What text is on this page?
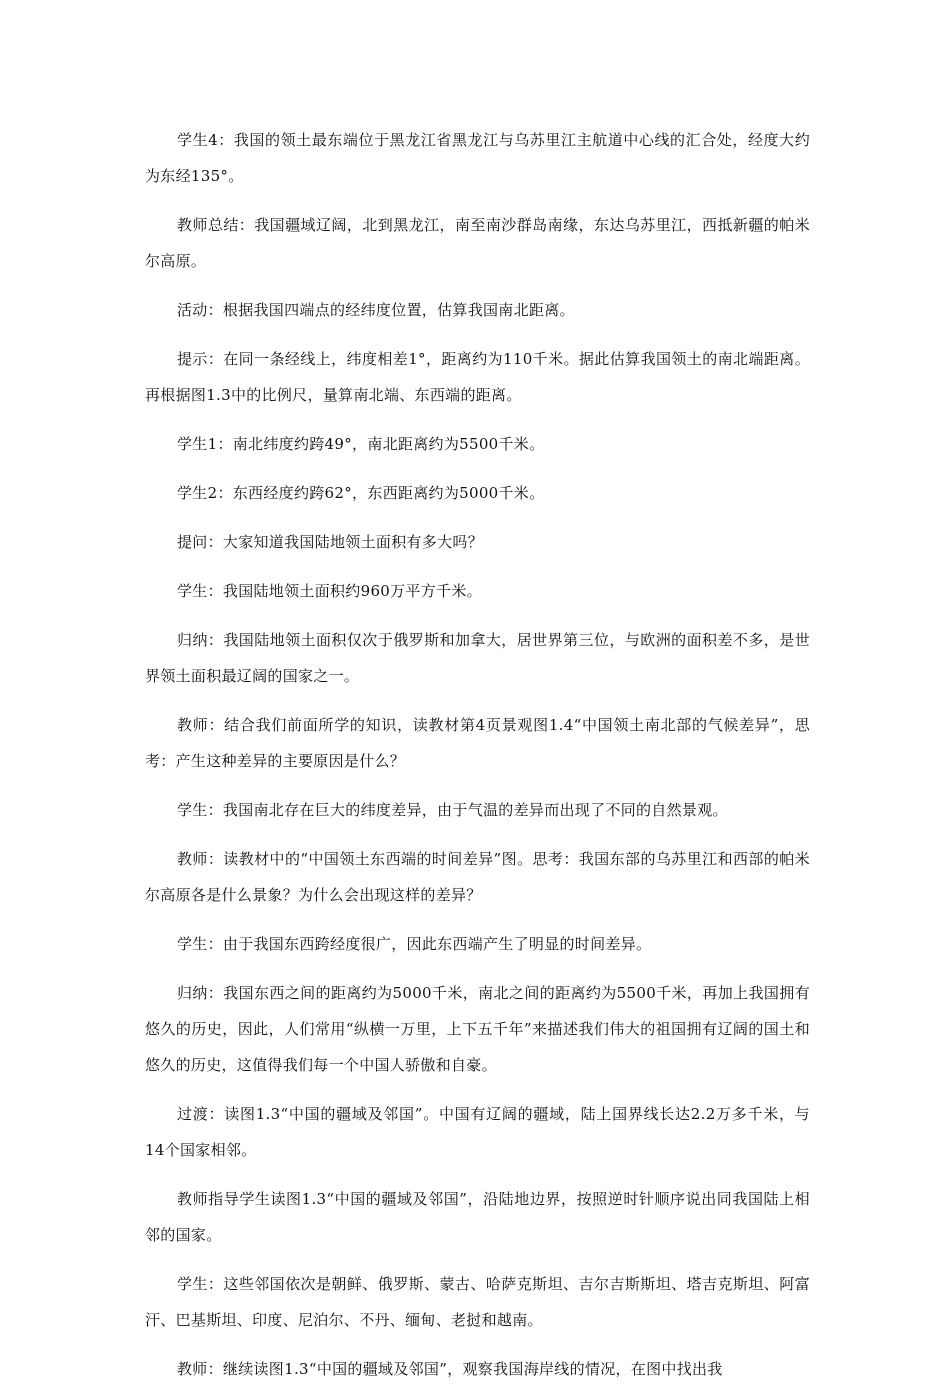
学生4：我国的领土最东端位于黑龙江省黑龙江与乌苏里江主航道中心线的汇合处，经度大约为东经135°。

教师总结：我国疆域辽阔，北到黑龙江，南至南沙群岛南缘，东达乌苏里江，西抵新疆的帕米尔高原。

活动：根据我国四端点的经纬度位置，估算我国南北距离。

提示：在同一条经线上，纬度相差1°，距离约为110千米。据此估算我国领土的南北端距离。再根据图1.3中的比例尺，量算南北端、东西端的距离。

学生1：南北纬度约跨49°，南北距离约为5500千米。

学生2：东西经度约跨62°，东西距离约为5000千米。

提问：大家知道我国陆地领土面积有多大吗？

学生：我国陆地领土面积约960万平方千米。

归纳：我国陆地领土面积仅次于俄罗斯和加拿大，居世界第三位，与欧洲的面积差不多，是世界领土面积最辽阔的国家之一。

教师：结合我们前面所学的知识，读教材第4页景观图1.4“中国领土南北部的气候差异”，思考：产生这种差异的主要原因是什么？

学生：我国南北存在巨大的纬度差异，由于气温的差异而出现了不同的自然景观。

教师：读教材中的“中国领土东西端的时间差异”图。思考：我国东部的乌苏里江和西部的帕米尔高原各是什么景象？为什么会出现这样的差异？

学生：由于我国东西跨经度很广，因此东西端产生了明显的时间差异。

归纳：我国东西之间的距离约为5000千米，南北之间的距离约为5500千米，再加上我国拥有悠久的历史，因此，人们常用“纵横一万里，上下五千年”来描述我们伟大的祖国拥有辽阔的国土和悠久的历史，这值得我们每一个中国人骄傲和自豪。

过渡：读图1.3“中国的疆域及邻国”。中国有辽阔的疆域，陆上国界线长达2.2万多千米，与14个国家相邻。

教师指导学生读图1.3“中国的疆域及邻国”，沿陆地边界，按照逆时针顺序说出同我国陆上相邻的国家。

学生：这些邻国依次是朝鲜、俄罗斯、蒙古、哈萨克斯坦、吉尔吉斯斯坦、塔吉克斯坦、阿富汗、巴基斯坦、印度、尼泊尔、不丹、缅甸、老挝和越南。

教师：继续读图1.3“中国的疆域及邻国”，观察我国海岸线的情况，在图中找出我
